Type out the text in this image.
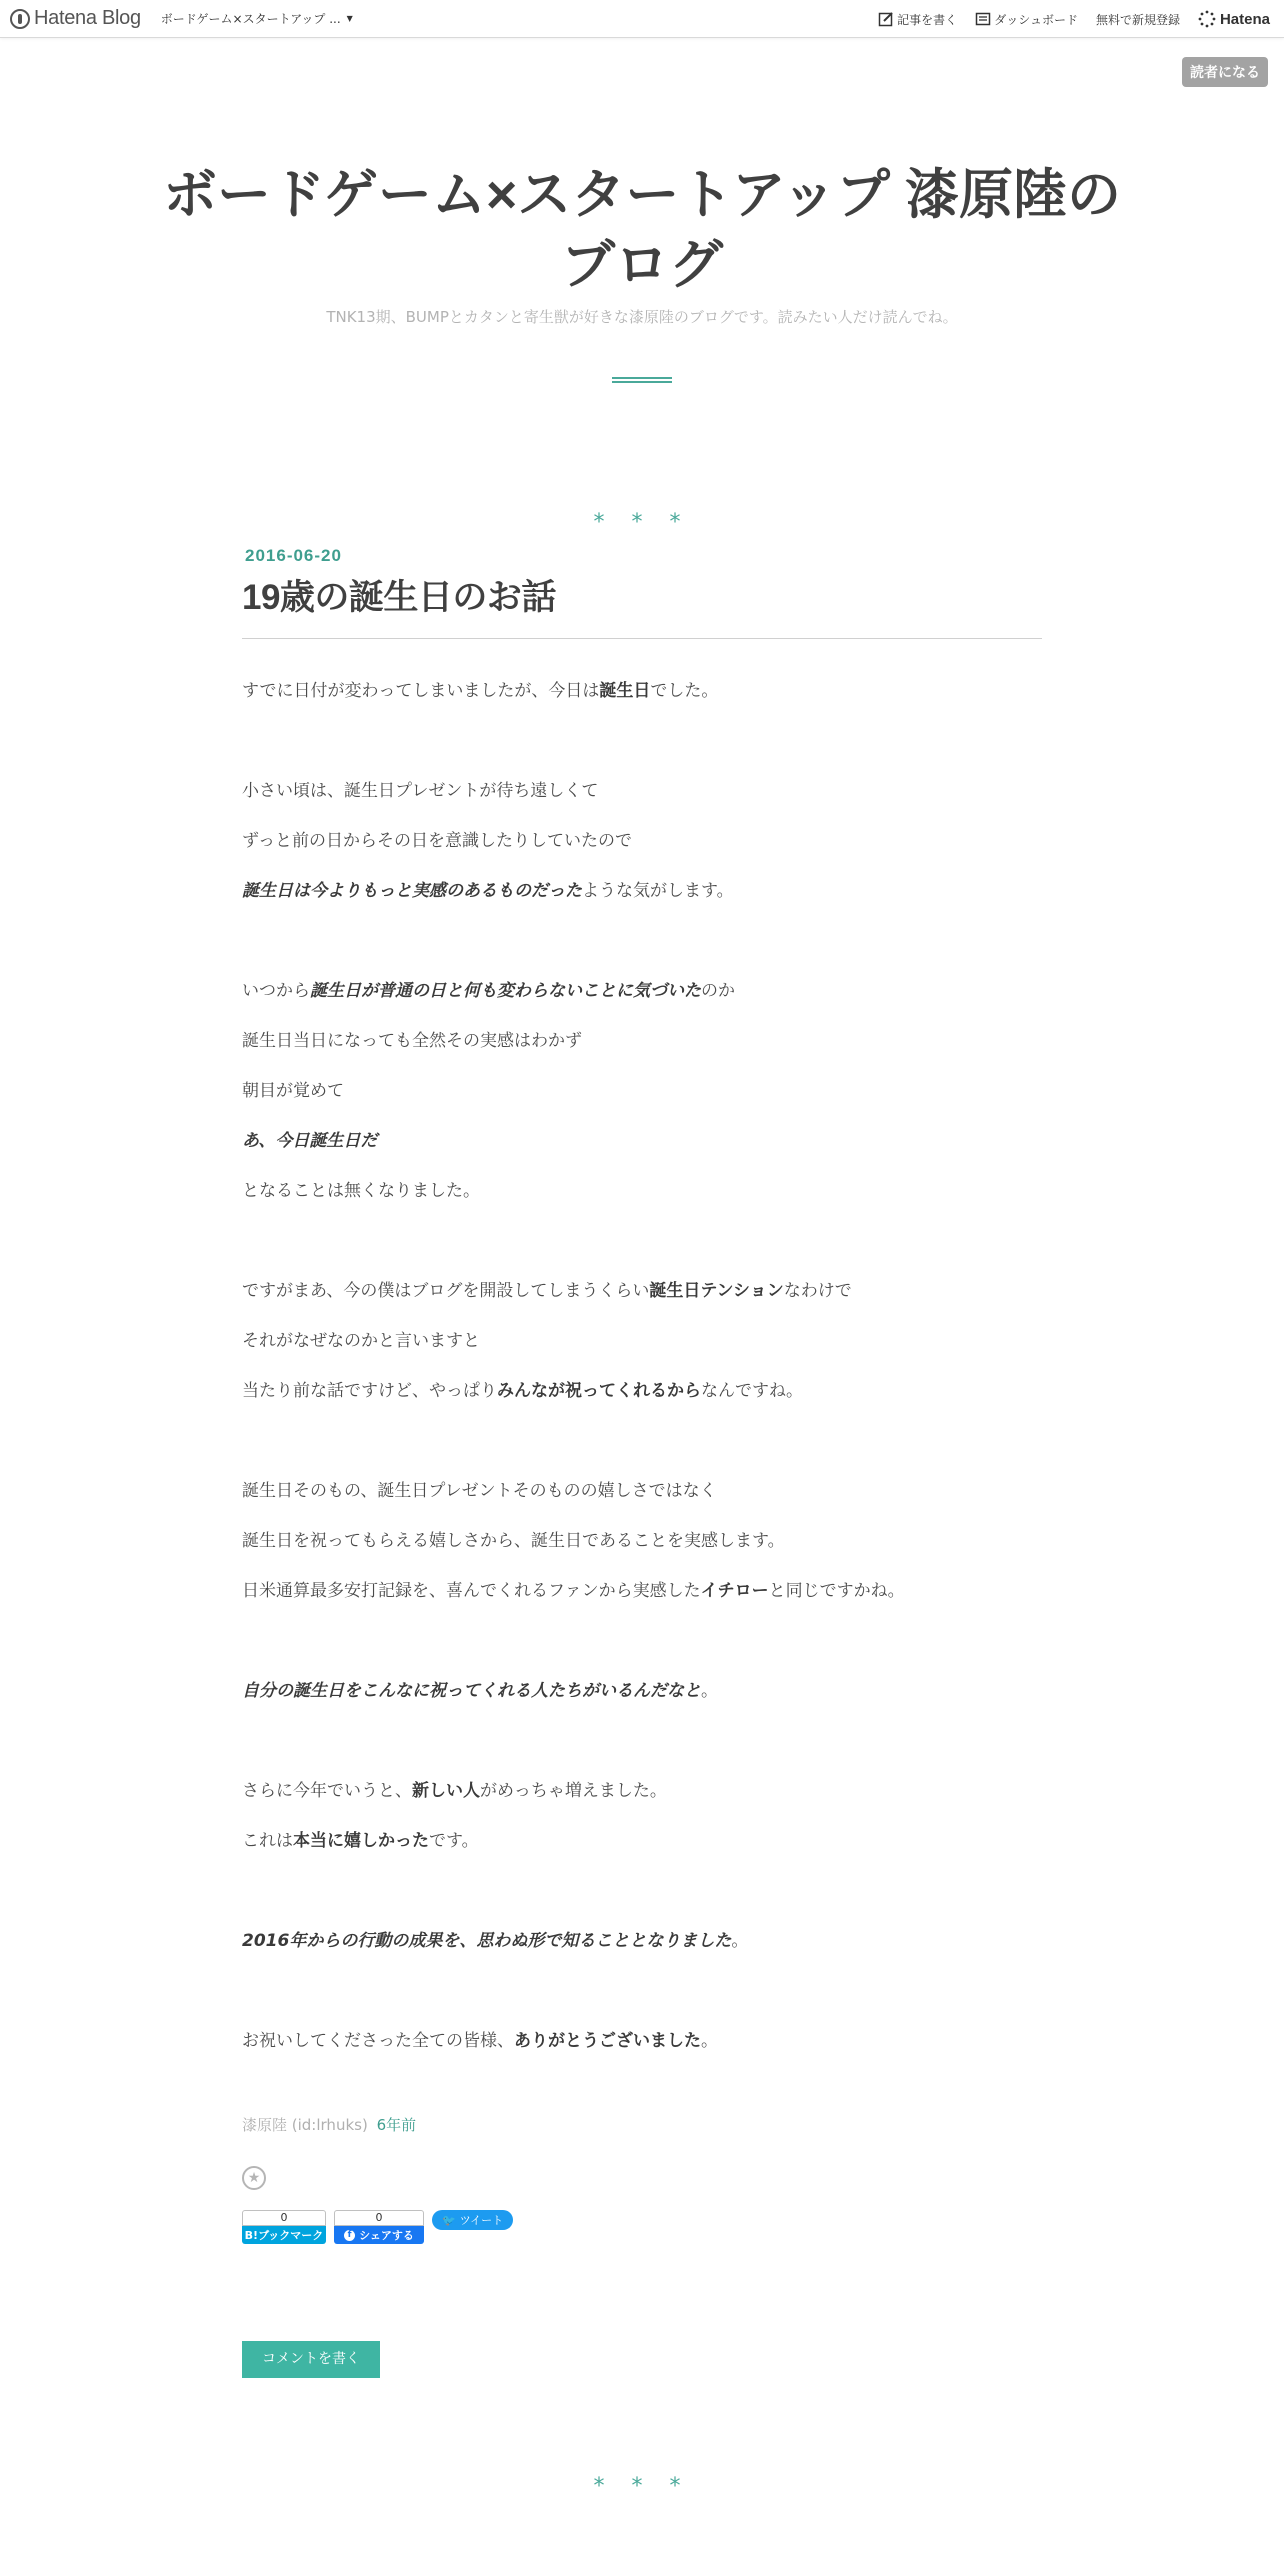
Hatena Blog ボードゲーム×スタートアップ ... ▼	記事を書く	ダッシュボード 無料で新規登録	Hatena
読者になる
ボードゲーム×スタートアップ 漆原陸の
ブログ
TNK13期、BUMPとカタンと寄生獣が好きな漆原陸のブログです。読みたい人だけ読んでね。
* * *
2016-06-20
19歳の誕生日のお話

すでに日付が変わってしまいましたが、今日は誕生日でした。

小さい頃は、誕生日プレゼントが待ち遠しくて

ずっと前の日からその日を意識したりしていたので

誕生日は今よりもっと実感のあるものだったような気がします。

いつから誕生日が普通の日と何も変わらないことに気づいたのか

誕生日当日になっても全然その実感はわかず

朝目が覚めて

あ、今日誕生日だ

となることは無くなりました。

ですがまあ、今の僕はブログを開設してしまうくらい誕生日テンションなわけで

それがなぜなのかと言いますと

当たり前な話ですけど、やっぱりみんなが祝ってくれるからなんですね。

誕生日そのもの、誕生日プレゼントそのものの嬉しさではなく

誕生日を祝ってもらえる嬉しさから、誕生日であることを実感します。

日米通算最多安打記録を、喜んでくれるファンから実感したイチローと同じですかね。

自分の誕生日をこんなに祝ってくれる人たちがいるんだなと。

さらに今年でいうと、新しい人がめっちゃ増えました。

これは本当に嬉しかったです。

2016年からの行動の成果を、思わぬ形で知ることとなりました。

お祝いしてくださった全ての皆様、ありがとうございました。

漆原陸 (id:lrhuks) 6年前
★
0
B!ブックマーク
0
f シェアする
🐦 ツイート
コメントを書く
* * *
